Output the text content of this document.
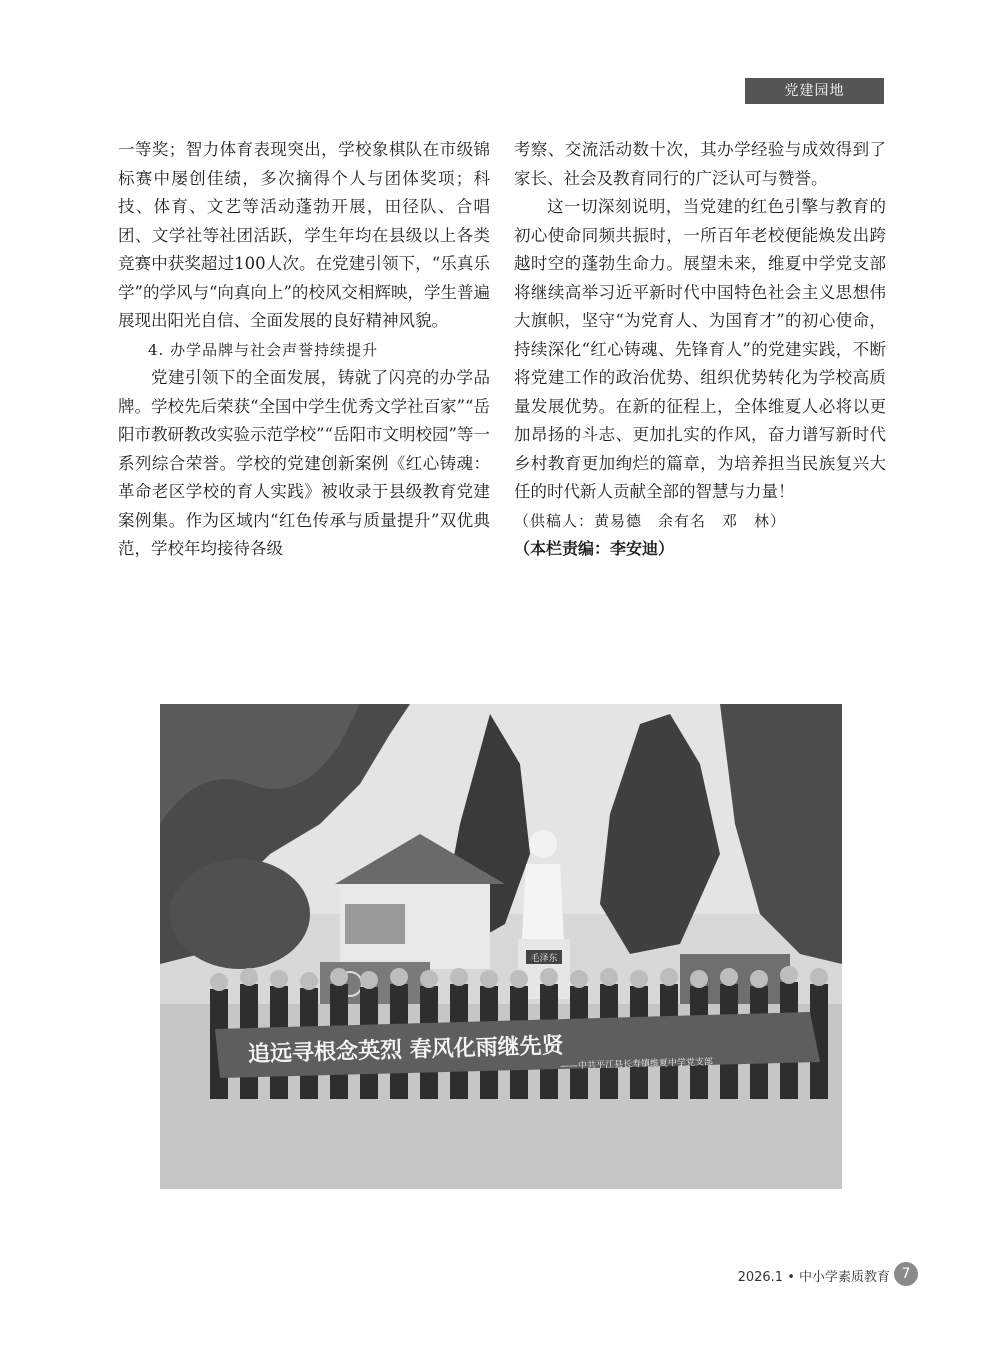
党建园地

一等奖；智力体育表现突出，学校象棋队在市级锦标赛中屡创佳绩，多次摘得个人与团体奖项；科技、体育、文艺等活动蓬勃开展，田径队、合唱团、文学社等社团活跃，学生年均在县级以上各类竞赛中获奖超过100人次。在党建引领下，“乐真乐学”的学风与“向真向上”的校风交相辉映，学生普遍展现出阳光自信、全面发展的良好精神风貌。

4. 办学品牌与社会声誉持续提升

党建引领下的全面发展，铸就了闪亮的办学品牌。学校先后荣获“全国中学生优秀文学社百家”“岳阳市教研教改实验示范学校”“岳阳市文明校园”等一系列综合荣誉。学校的党建创新案例《红心铸魂：革命老区学校的育人实践》被收录于县级教育党建案例集。作为区域内“红色传承与质量提升”双优典范，学校年均接待各级

考察、交流活动数十次，其办学经验与成效得到了家长、社会及教育同行的广泛认可与赞誉。

这一切深刻说明，当党建的红色引擎与教育的初心使命同频共振时，一所百年老校便能焕发出跨越时空的蓬勃生命力。展望未来，维夏中学党支部将继续高举习近平新时代中国特色社会主义思想伟大旗帜，坚守“为党育人、为国育才”的初心使命，持续深化“红心铸魂、先锋育人”的党建实践，不断将党建工作的政治优势、组织优势转化为学校高质量发展优势。在新的征程上，全体维夏人必将以更加昂扬的斗志、更加扎实的作风，奋力谱写新时代乡村教育更加绚烂的篇章，为培养担当民族复兴大任的时代新人贡献全部的智慧与力量！

（供稿人：黄易德　余有名　邓　林）

（本栏责编：李安迪）

毛泽东
追远寻根念英烈 春风化雨继先贤
——中共平江县长寿镇维夏中学党支部
2026.1 • 中小学素质教育 7
